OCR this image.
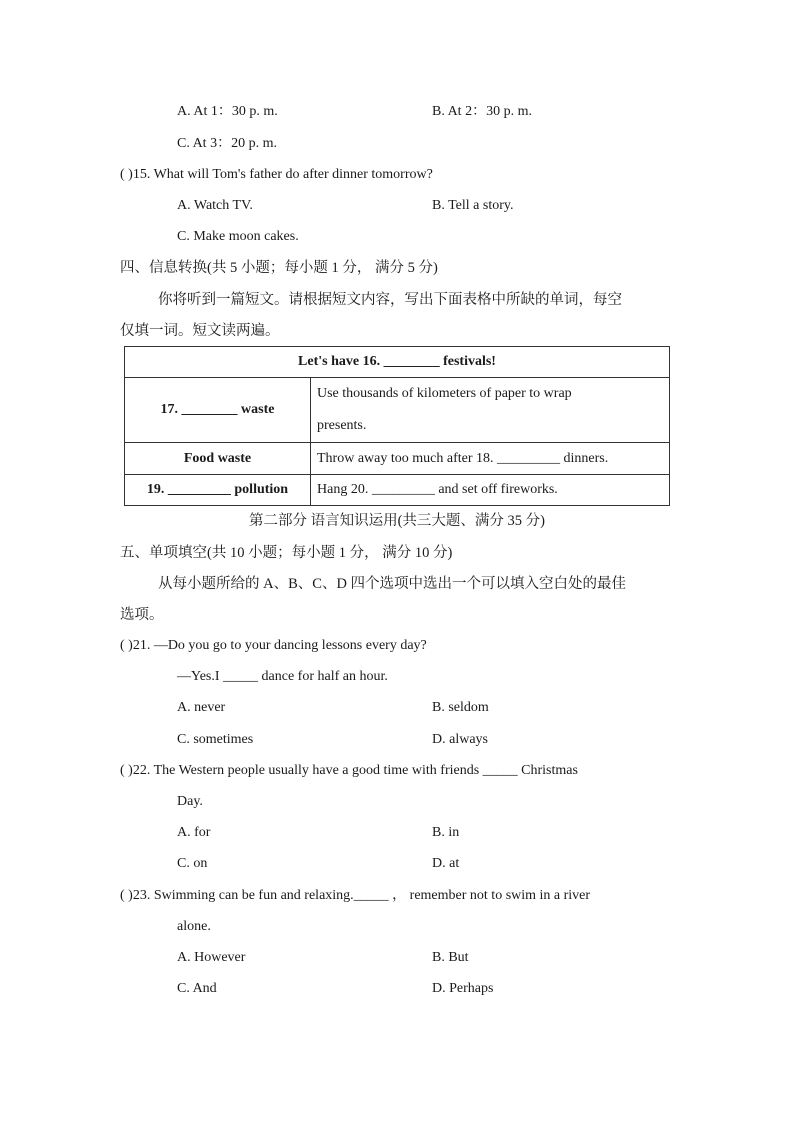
A. At 1：30 p. m.	B. At 2：30 p. m.
C. At 3：20 p. m.
( )15. What will Tom's father do after dinner tomorrow?
A. Watch TV.	B. Tell a story.
C. Make moon cakes.
四、信息转换(共 5 小题；每小题 1 分， 满分 5 分)
你将听到一篇短文。请根据短文内容，写出下面表格中所缺的单词，每空
仅填一词。短文读两遍。
Let's have 16. ________ festivals!	
17. ________ waste	Use thousands of kilometers of paper to wrap
presents.

Food waste	Throw away too much after 18. _________ dinners.
19. _________ pollution	Hang 20. _________ and set off fireworks.
第二部分 语言知识运用(共三大题、满分 35 分)
五、单项填空(共 10 小题；每小题 1 分， 满分 10 分)
从每小题所给的 A、B、C、D 四个选项中选出一个可以填入空白处的最佳
选项。
( )21. —Do you go to your dancing lessons every day?
—Yes.I _____ dance for half an hour.
A. never	B. seldom
C. sometimes	D. always
( )22. The Western people usually have a good time with friends _____ Christmas
Day.
A. for	B. in
C. on	D. at
( )23. Swimming can be fun and relaxing._____ ， remember not to swim in a river
alone.
A. However	B. But
C. And	D. Perhaps
